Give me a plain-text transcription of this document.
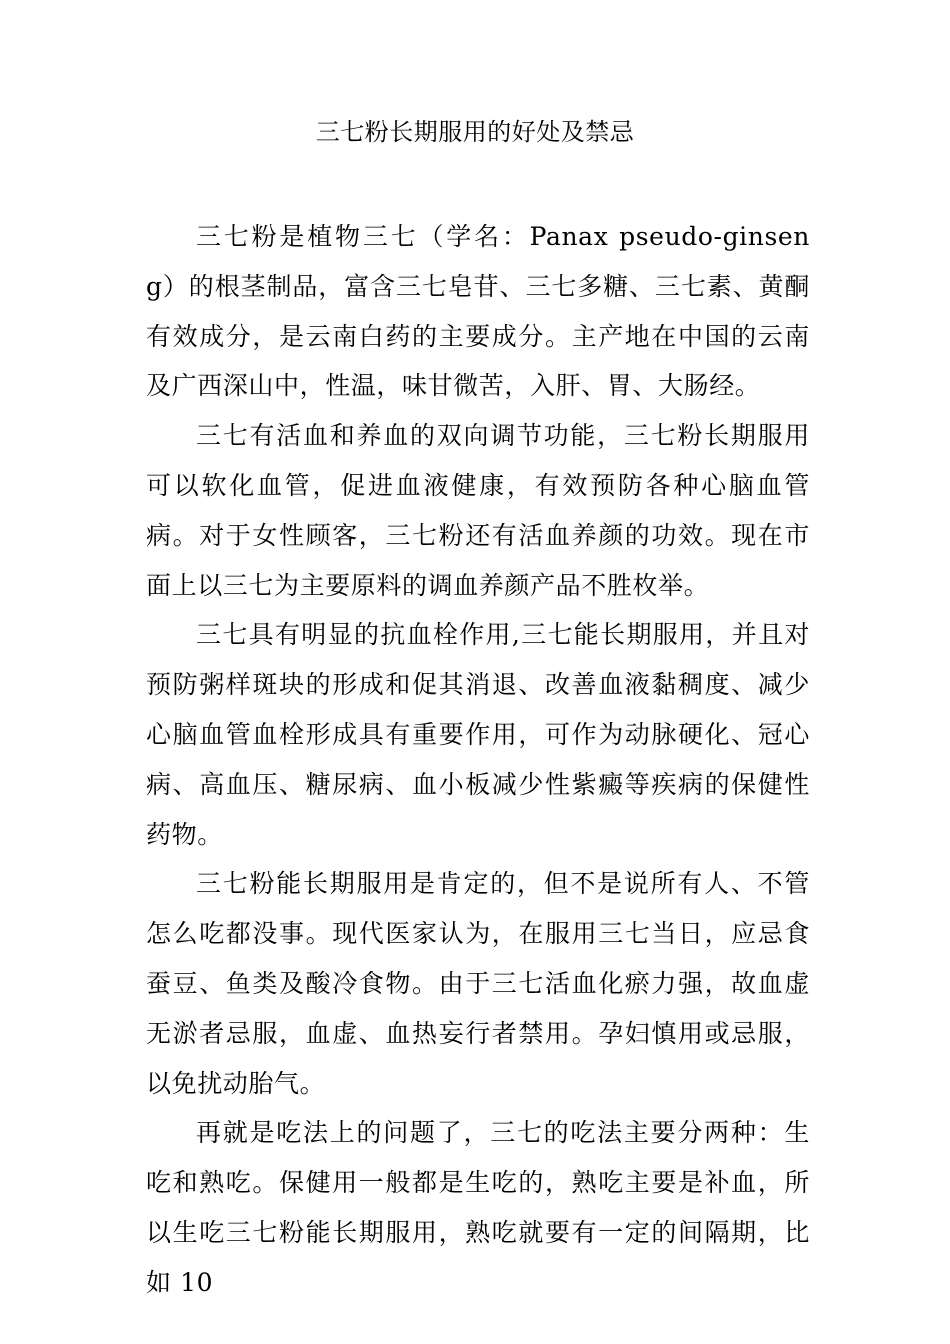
三七粉长期服用的好处及禁忌

三七粉是植物三七（学名：Panax pseudo-ginseng）的根茎制品，富含三七皂苷、三七多糖、三七素、黄酮有效成分，是云南白药的主要成分。主产地在中国的云南及广西深山中，性温，味甘微苦，入肝、胃、大肠经。

三七有活血和养血的双向调节功能，三七粉长期服用可以软化血管，促进血液健康，有效预防各种心脑血管病。对于女性顾客，三七粉还有活血养颜的功效。现在市面上以三七为主要原料的调血养颜产品不胜枚举。

三七具有明显的抗血栓作用,三七能长期服用，并且对预防粥样斑块的形成和促其消退、改善血液黏稠度、减少心脑血管血栓形成具有重要作用，可作为动脉硬化、冠心病、高血压、糖尿病、血小板减少性紫癜等疾病的保健性药物。

三七粉能长期服用是肯定的，但不是说所有人、不管怎么吃都没事。现代医家认为，在服用三七当日，应忌食蚕豆、鱼类及酸冷食物。由于三七活血化瘀力强，故血虚无淤者忌服，血虚、血热妄行者禁用。孕妇慎用或忌服，以免扰动胎气。

再就是吃法上的问题了，三七的吃法主要分两种：生吃和熟吃。保健用一般都是生吃的，熟吃主要是补血，所以生吃三七粉能长期服用，熟吃就要有一定的间隔期，比如 10
